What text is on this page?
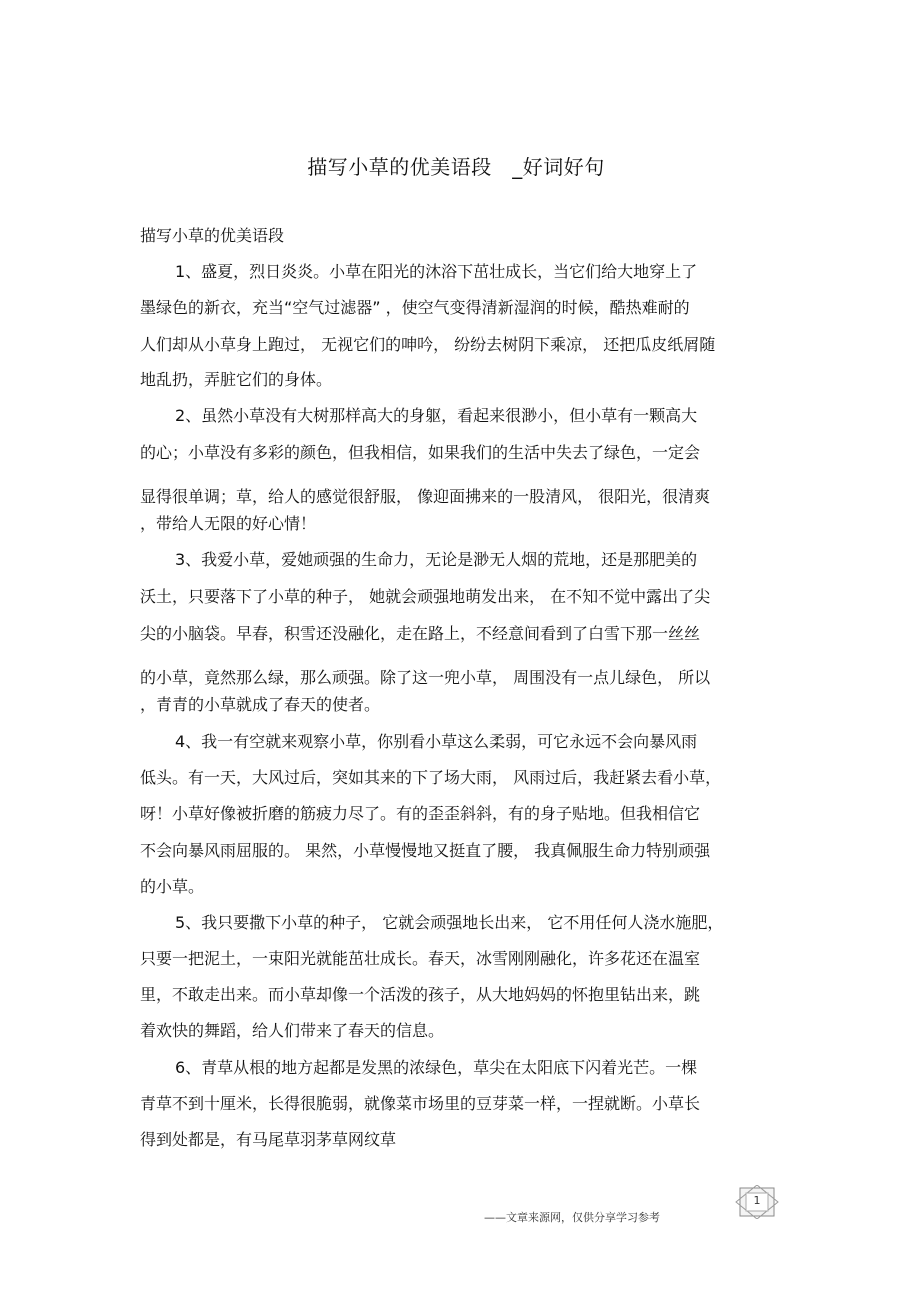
描写小草的优美语段   _好词好句
描写小草的优美语段
1、盛夏，烈日炎炎。小草在阳光的沐浴下茁壮成长，当它们给大地穿上了
墨绿色的新衣，充当“空气过滤器” ，使空气变得清新湿润的时候，酷热难耐的
人们却从小草身上跑过， 无视它们的呻吟， 纷纷去树阴下乘凉， 还把瓜皮纸屑随
地乱扔，弄脏它们的身体。
2、虽然小草没有大树那样高大的身躯，看起来很渺小，但小草有一颗高大
的心；小草没有多彩的颜色，但我相信，如果我们的生活中失去了绿色，一定会
显得很单调；草，给人的感觉很舒服， 像迎面拂来的一股清风， 很阳光，很清爽
，带给人无限的好心情！
3、我爱小草，爱她顽强的生命力，无论是渺无人烟的荒地，还是那肥美的
沃土，只要落下了小草的种子， 她就会顽强地萌发出来， 在不知不觉中露出了尖
尖的小脑袋。早春，积雪还没融化，走在路上，不经意间看到了白雪下那一丝丝
的小草，竟然那么绿，那么顽强。除了这一兜小草， 周围没有一点儿绿色， 所以
，青青的小草就成了春天的使者。
4、我一有空就来观察小草，你别看小草这么柔弱，可它永远不会向暴风雨
低头。有一天，大风过后，突如其来的下了场大雨， 风雨过后，我赶紧去看小草，
呀！小草好像被折磨的筋疲力尽了。有的歪歪斜斜，有的身子贴地。但我相信它
不会向暴风雨屈服的。 果然，小草慢慢地又挺直了腰， 我真佩服生命力特别顽强
的小草。
5、我只要撒下小草的种子， 它就会顽强地长出来， 它不用任何人浇水施肥，
只要一把泥土，一束阳光就能茁壮成长。春天，冰雪刚刚融化，许多花还在温室
里，不敢走出来。而小草却像一个活泼的孩子，从大地妈妈的怀抱里钻出来，跳
着欢快的舞蹈，给人们带来了春天的信息。
6、青草从根的地方起都是发黑的浓绿色，草尖在太阳底下闪着光芒。一棵
青草不到十厘米，长得很脆弱，就像菜市场里的豆芽菜一样，一捏就断。小草长
得到处都是，有马尾草羽茅草网纹草
——文章来源网，仅供分享学习参考
1
